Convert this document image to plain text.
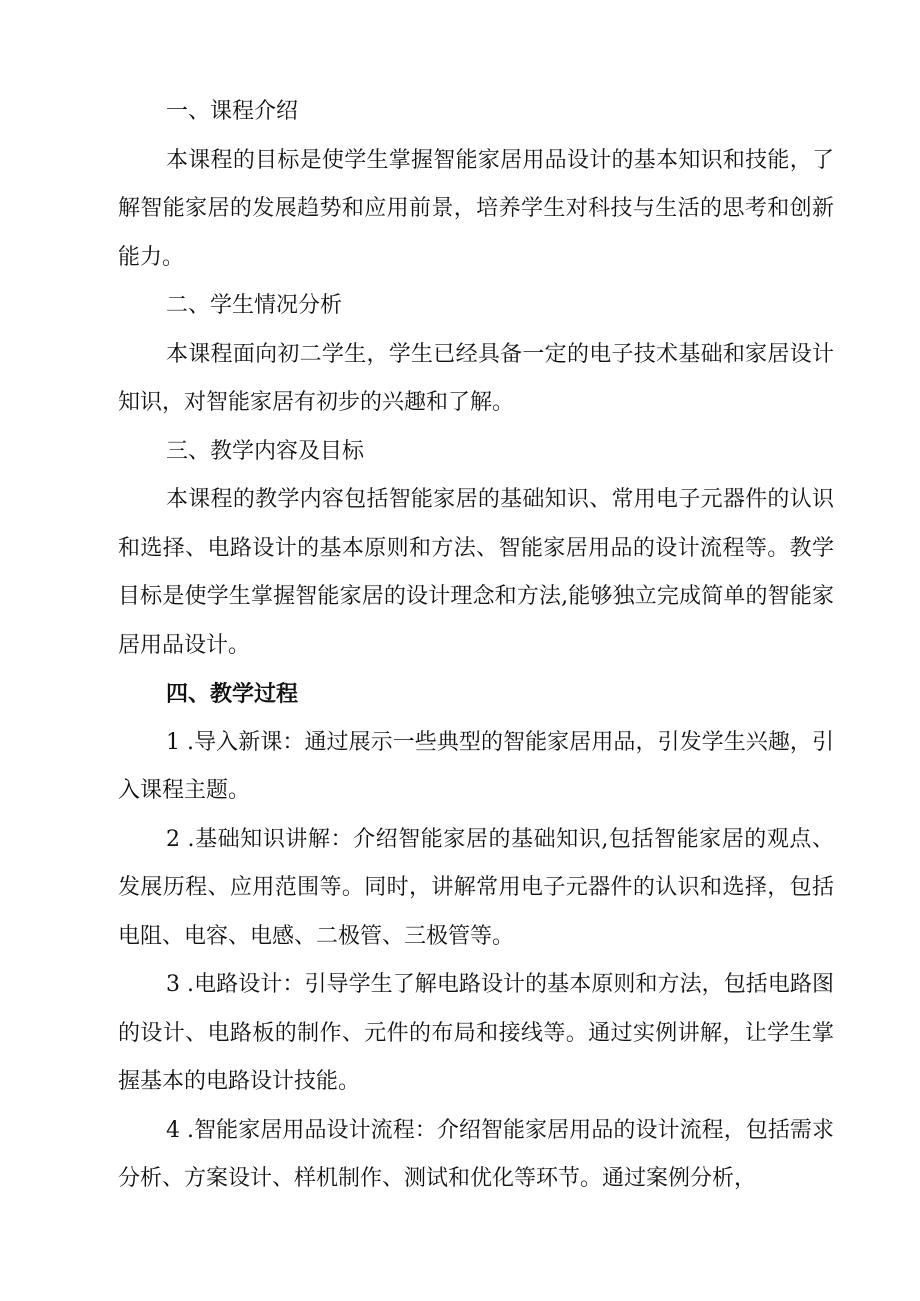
一、课程介绍

本课程的目标是使学生掌握智能家居用品设计的基本知识和技能，了解智能家居的发展趋势和应用前景，培养学生对科技与生活的思考和创新能力。

二、学生情况分析

本课程面向初二学生，学生已经具备一定的电子技术基础和家居设计知识，对智能家居有初步的兴趣和了解。

三、教学内容及目标

本课程的教学内容包括智能家居的基础知识、常用电子元器件的认识和选择、电路设计的基本原则和方法、智能家居用品的设计流程等。教学目标是使学生掌握智能家居的设计理念和方法,能够独立完成简单的智能家居用品设计。

四、教学过程

1 .导入新课：通过展示一些典型的智能家居用品，引发学生兴趣，引入课程主题。

2 .基础知识讲解：介绍智能家居的基础知识,包括智能家居的观点、发展历程、应用范围等。同时，讲解常用电子元器件的认识和选择，包括电阻、电容、电感、二极管、三极管等。

3 .电路设计：引导学生了解电路设计的基本原则和方法，包括电路图的设计、电路板的制作、元件的布局和接线等。通过实例讲解，让学生掌握基本的电路设计技能。

4 .智能家居用品设计流程：介绍智能家居用品的设计流程，包括需求分析、方案设计、样机制作、测试和优化等环节。通过案例分析，
